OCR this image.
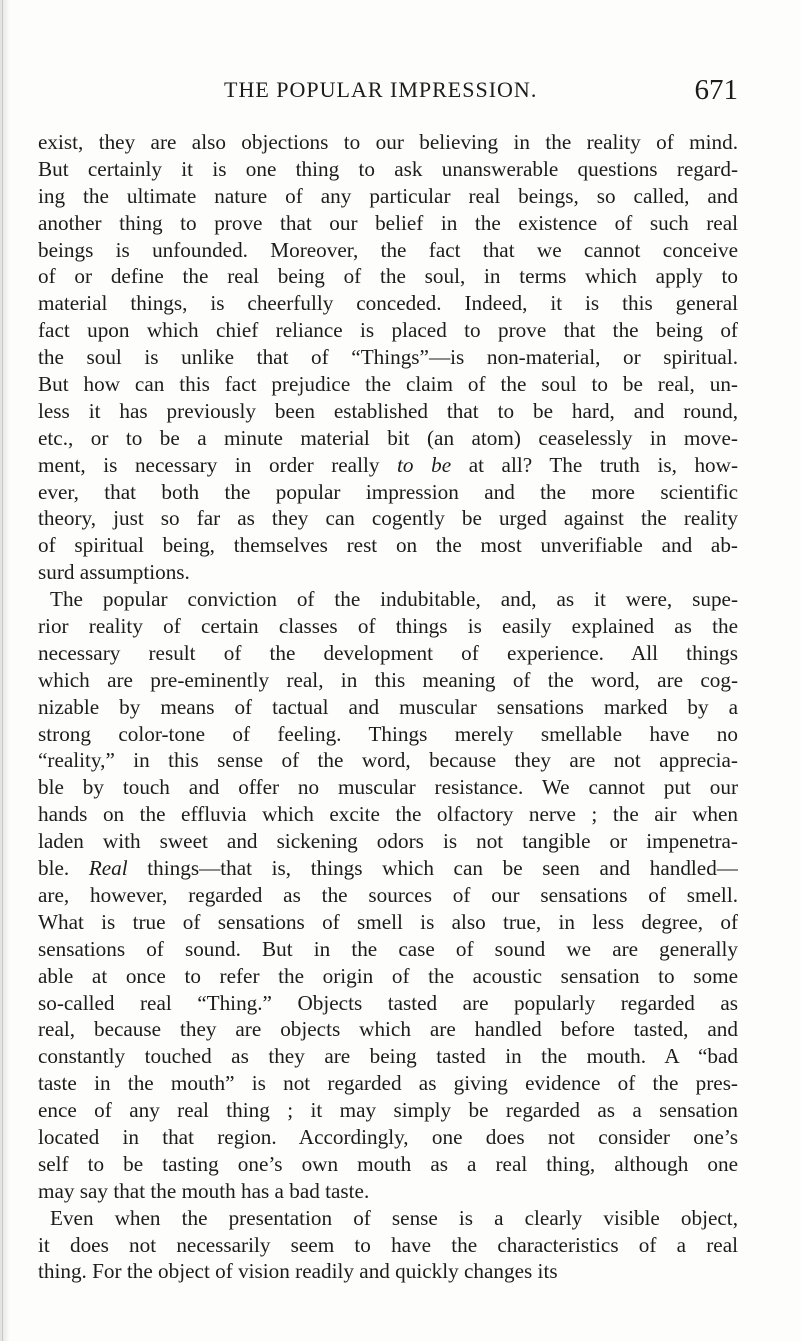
THE POPULAR IMPRESSION.	671
exist, they are also objections to our believing in the reality of mind.
But certainly it is one thing to ask unanswerable questions regard-
ing the ultimate nature of any particular real beings, so called, and
another thing to prove that our belief in the existence of such real
beings is unfounded. Moreover, the fact that we cannot conceive
of or define the real being of the soul, in terms which apply to
material things, is cheerfully conceded. Indeed, it is this general
fact upon which chief reliance is placed to prove that the being of
the soul is unlike that of “Things”—is non-material, or spiritual.
But how can this fact prejudice the claim of the soul to be real, un-
less it has previously been established that to be hard, and round,
etc., or to be a minute material bit (an atom) ceaselessly in move-
ment, is necessary in order really to be at all? The truth is, how-
ever, that both the popular impression and the more scientific
theory, just so far as they can cogently be urged against the reality
of spiritual being, themselves rest on the most unverifiable and ab-
surd assumptions.
The popular conviction of the indubitable, and, as it were, supe-
rior reality of certain classes of things is easily explained as the
necessary result of the development of experience. All things
which are pre-eminently real, in this meaning of the word, are cog-
nizable by means of tactual and muscular sensations marked by a
strong color-tone of feeling. Things merely smellable have no
“reality,” in this sense of the word, because they are not apprecia-
ble by touch and offer no muscular resistance. We cannot put our
hands on the effluvia which excite the olfactory nerve ; the air when
laden with sweet and sickening odors is not tangible or impenetra-
ble. Real things—that is, things which can be seen and handled—
are, however, regarded as the sources of our sensations of smell.
What is true of sensations of smell is also true, in less degree, of
sensations of sound. But in the case of sound we are generally
able at once to refer the origin of the acoustic sensation to some
so-called real “Thing.” Objects tasted are popularly regarded as
real, because they are objects which are handled before tasted, and
constantly touched as they are being tasted in the mouth. A “bad
taste in the mouth” is not regarded as giving evidence of the pres-
ence of any real thing ; it may simply be regarded as a sensation
located in that region. Accordingly, one does not consider one’s
self to be tasting one’s own mouth as a real thing, although one
may say that the mouth has a bad taste.
Even when the presentation of sense is a clearly visible object,
it does not necessarily seem to have the characteristics of a real
thing. For the object of vision readily and quickly changes its
